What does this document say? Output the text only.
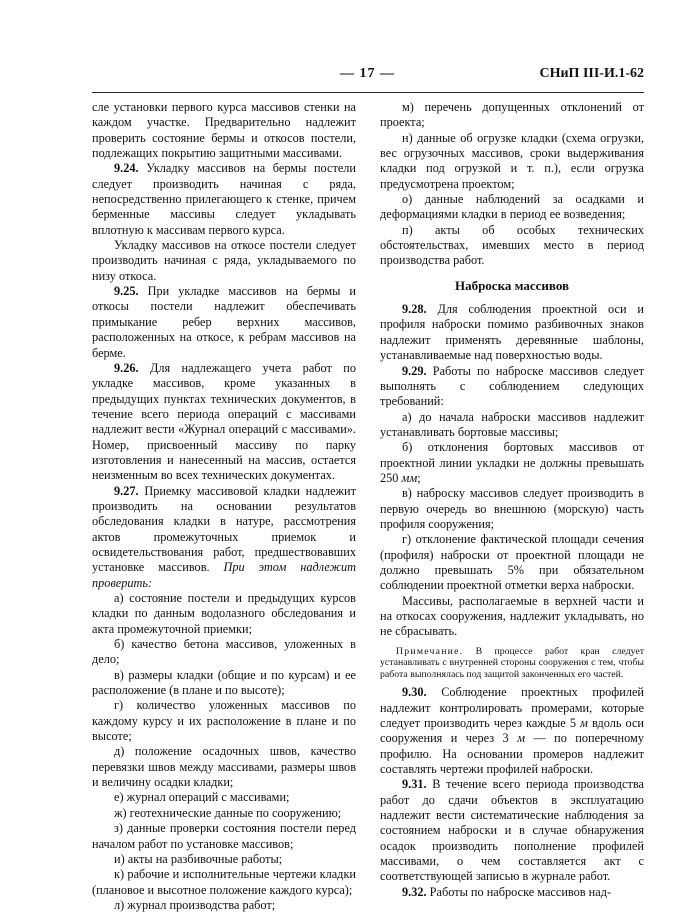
— 17 —	СНиП III-И.1-62

сле установки первого курса массивов стенки на каждом участке. Предварительно надлежит проверить состояние бермы и откосов постели, подлежащих покрытию защитными массивами.

9.24. Укладку массивов на бермы постели следует производить начиная с ряда, непосредственно прилегающего к стенке, причем берменные массивы следует укладывать вплотную к массивам первого курса.

Укладку массивов на откосе постели следует производить начиная с ряда, укладываемого по низу откоса.

9.25. При укладке массивов на бермы и откосы постели надлежит обеспечивать примыкание ребер верхних массивов, расположенных на откосе, к ребрам массивов на берме.

9.26. Для надлежащего учета работ по укладке массивов, кроме указанных в предыдущих пунктах технических документов, в течение всего периода операций с массивами надлежит вести «Журнал операций с массивами». Номер, присвоенный массиву по парку изготовления и нанесенный на массив, остается неизменным во всех технических документах.

9.27. Приемку массивовой кладки надлежит производить на основании результатов обследования кладки в натуре, рассмотрения актов промежуточных приемок и освидетельствования работ, предшествовавших установке массивов. При этом надлежит проверить:

а) состояние постели и предыдущих курсов кладки по данным водолазного обследования и акта промежуточной приемки;

б) качество бетона массивов, уложенных в дело;

в) размеры кладки (общие и по курсам) и ее расположение (в плане и по высоте);

г) количество уложенных массивов по каждому курсу и их расположение в плане и по высоте;

д) положение осадочных швов, качество перевязки швов между массивами, размеры швов и величину осадки кладки;

е) журнал операций с массивами;

ж) геотехнические данные по сооружению;

з) данные проверки состояния постели перед началом работ по установке массивов;

и) акты на разбивочные работы;

к) рабочие и исполнительные чертежи кладки (плановое и высотное положение каждого курса);

л) журнал производства работ;

м) перечень допущенных отклонений от проекта;

н) данные об огрузке кладки (схема огрузки, вес огрузочных массивов, сроки выдерживания кладки под огрузкой и т. п.), если огрузка предусмотрена проектом;

о) данные наблюдений за осадками и деформациями кладки в период ее возведения;

п) акты об особых технических обстоятельствах, имевших место в период производства работ.

Наброска массивов

9.28. Для соблюдения проектной оси и профиля наброски помимо разбивочных знаков надлежит применять деревянные шаблоны, устанавливаемые над поверхностью воды.

9.29. Работы по наброске массивов следует выполнять с соблюдением следующих требований:

а) до начала наброски массивов надлежит устанавливать бортовые массивы;

б) отклонения бортовых массивов от проектной линии укладки не должны превышать 250 мм;

в) наброску массивов следует производить в первую очередь во внешнюю (морскую) часть профиля сооружения;

г) отклонение фактической площади сечения (профиля) наброски от проектной площади не должно превышать 5% при обязательном соблюдении проектной отметки верха наброски.

Массивы, располагаемые в верхней части и на откосах сооружения, надлежит укладывать, но не сбрасывать.

Примечание. В процессе работ кран следует устанавливать с внутренней стороны сооружения с тем, чтобы работа выполнялась под защитой законченных его частей.

9.30. Соблюдение проектных профилей надлежит контролировать промерами, которые следует производить через каждые 5 м вдоль оси сооружения и через 3 м — по поперечному профилю. На основании промеров надлежит составлять чертежи профилей наброски.

9.31. В течение всего периода производства работ до сдачи объектов в эксплуатацию надлежит вести систематические наблюдения за состоянием наброски и в случае обнаружения осадок производить пополнение профилей массивами, о чем составляется акт с соответствующей записью в журнале работ.

9.32. Работы по наброске массивов над-
